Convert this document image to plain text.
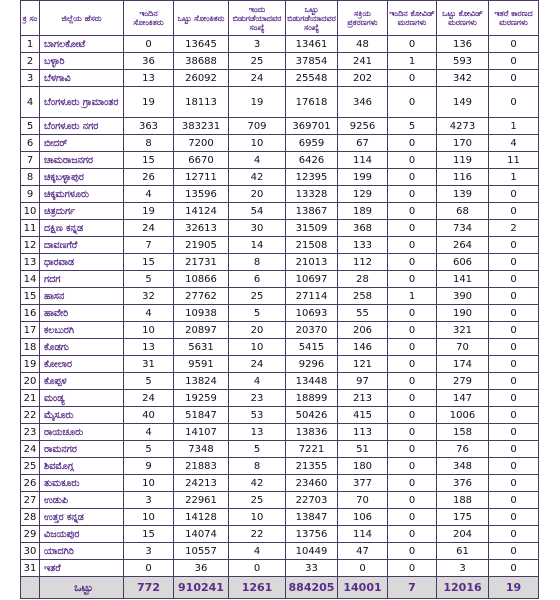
ಕ್ರ ಸಂ	ಜಿಲ್ಲೆಯ ಹೆಸರು	ಇಂದಿನ ಸೋಂಕಿತರು	ಒಟ್ಟು ಸೋಂಕಿತರು	ಇಂದು ಬಿಡುಗಡೆಯಾದವರ ಸಂಖ್ಯೆ	ಒಟ್ಟು ಬಿಡುಗಡೆಯಾದವರ ಸಂಖ್ಯೆ	ಸಕ್ರಿಯ ಪ್ರಕರಣಗಳು	ಇಂದಿನ ಕೋವಿಡ್ ಮರಣಗಳು	ಒಟ್ಟು ಕೋವಿಡ್ ಮರಣಗಳು	ಇತರೆ ಕಾರಣದ ಮರಣಗಳು
1	ಬಾಗಲಕೋಟೆ	0	13645	3	13461	48	0	136	0
2	ಬಳ್ಳಾರಿ	36	38688	25	37854	241	1	593	0
3	ಬೆಳಗಾವಿ	13	26092	24	25548	202	0	342	0
4	ಬೆಂಗಳೂರು ಗ್ರಾಮಾಂತರ	19	18113	19	17618	346	0	149	0
5	ಬೆಂಗಳೂರು ನಗರ	363	383231	709	369701	9256	5	4273	1
6	ಬೀದರ್	8	7200	10	6959	67	0	170	4
7	ಚಾಮರಾಜನಗರ	15	6670	4	6426	114	0	119	11
8	ಚಿಕ್ಕಬಳ್ಳಾಪುರ	26	12711	42	12395	199	0	116	1
9	ಚಿಕ್ಕಮಗಳೂರು	4	13596	20	13328	129	0	139	0
10	ಚಿತ್ರದುರ್ಗ	19	14124	54	13867	189	0	68	0
11	ದಕ್ಷಿಣ ಕನ್ನಡ	24	32613	30	31509	368	0	734	2
12	ದಾವಣಗೆರೆ	7	21905	14	21508	133	0	264	0
13	ಧಾರವಾಡ	15	21731	8	21013	112	0	606	0
14	ಗದಗ	5	10866	6	10697	28	0	141	0
15	ಹಾಸನ	32	27762	25	27114	258	1	390	0
16	ಹಾವೇರಿ	4	10938	5	10693	55	0	190	0
17	ಕಲಬುರಗಿ	10	20897	20	20370	206	0	321	0
18	ಕೊಡಗು	13	5631	10	5415	146	0	70	0
19	ಕೋಲಾರ	31	9591	24	9296	121	0	174	0
20	ಕೊಪ್ಪಳ	5	13824	4	13448	97	0	279	0
21	ಮಂಡ್ಯ	24	19259	23	18899	213	0	147	0
22	ಮೈಸೂರು	40	51847	53	50426	415	0	1006	0
23	ರಾಯಚೂರು	4	14107	13	13836	113	0	158	0
24	ರಾಮನಗರ	5	7348	5	7221	51	0	76	0
25	ಶಿವಮೊಗ್ಗ	9	21883	8	21355	180	0	348	0
26	ತುಮಕೂರು	10	24213	42	23460	377	0	376	0
27	ಉಡುಪಿ	3	22961	25	22703	70	0	188	0
28	ಉತ್ತರ ಕನ್ನಡ	10	14128	10	13847	106	0	175	0
29	ವಿಜಯಪುರ	15	14074	22	13756	114	0	204	0
30	ಯಾದಗಿರಿ	3	10557	4	10449	47	0	61	0
31	ಇತರೆ	0	36	0	33	0	0	3	0
	ಒಟ್ಟು	772	910241	1261	884205	14001	7	12016	19
